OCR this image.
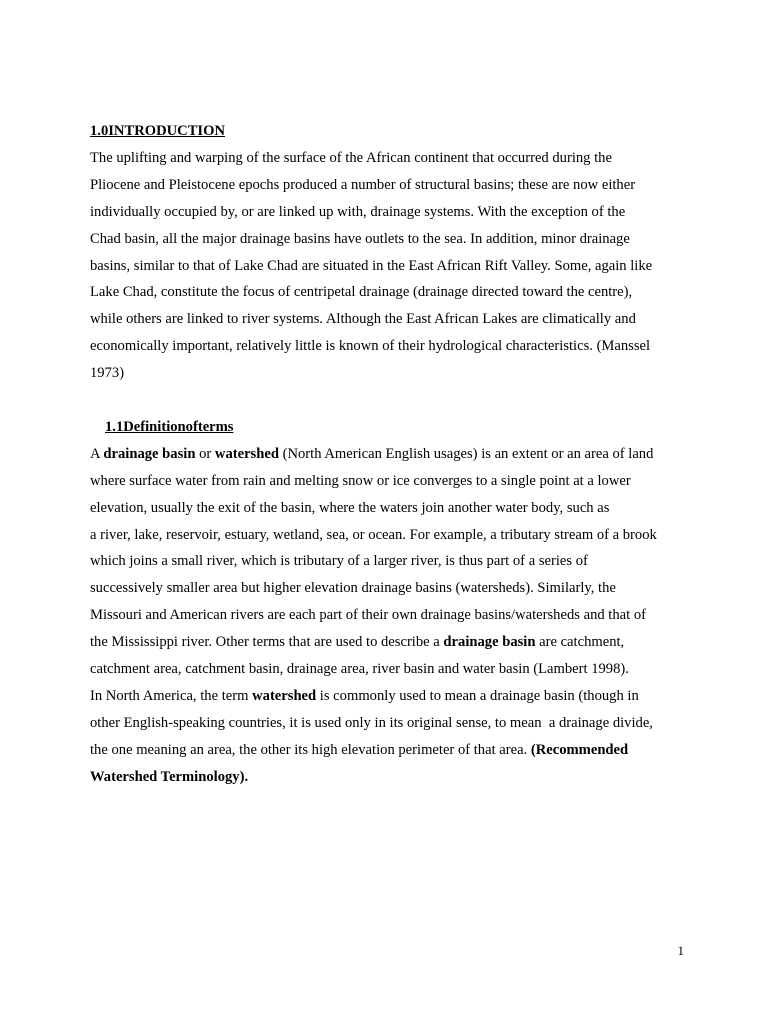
1.0INTRODUCTION

The uplifting and warping of the surface of the African continent that occurred during the
Pliocene and Pleistocene epochs produced a number of structural basins; these are now either
individually occupied by, or are linked up with, drainage systems. With the exception of the
Chad basin, all the major drainage basins have outlets to the sea. In addition, minor drainage
basins, similar to that of Lake Chad are situated in the East African Rift Valley. Some, again like
Lake Chad, constitute the focus of centripetal drainage (drainage directed toward the centre),
while others are linked to river systems. Although the East African Lakes are climatically and
economically important, relatively little is known of their hydrological characteristics. (Manssel
1973)

1.1Definitionofterms

A drainage basin or watershed (North American English usages) is an extent or an area of land
where surface water from rain and melting snow or ice converges to a single point at a lower
elevation, usually the exit of the basin, where the waters join another water body, such as
a river, lake, reservoir, estuary, wetland, sea, or ocean. For example, a tributary stream of a brook
which joins a small river, which is tributary of a larger river, is thus part of a series of
successively smaller area but higher elevation drainage basins (watersheds). Similarly, the
Missouri and American rivers are each part of their own drainage basins/watersheds and that of
the Mississippi river. Other terms that are used to describe a drainage basin are catchment,
catchment area, catchment basin, drainage area, river basin and water basin (Lambert 1998).

In North America, the term watershed is commonly used to mean a drainage basin (though in
other English-speaking countries, it is used only in its original sense, to mean  a drainage divide,
the one meaning an area, the other its high elevation perimeter of that area. (Recommended
Watershed Terminology).

1
